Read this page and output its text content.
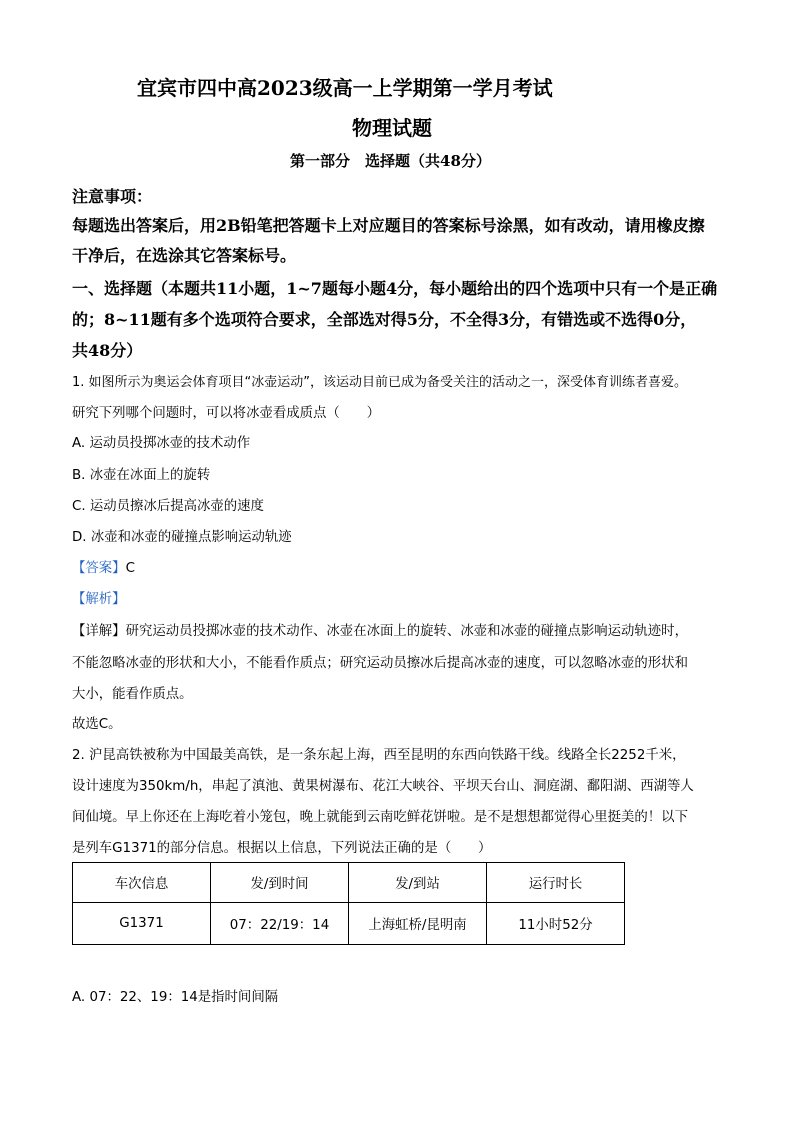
宜宾市四中高2023级高一上学期第一学月考试
物理试题
第一部分　选择题（共48分）
注意事项：
每题选出答案后，用2B铅笔把答题卡上对应题目的答案标号涂黑，如有改动，请用橡皮擦
干净后，在选涂其它答案标号。
一、选择题（本题共11小题，1~7题每小题4分，每小题给出的四个选项中只有一个是正确
的；8~11题有多个选项符合要求，全部选对得5分，不全得3分，有错选或不选得0分，
共48分）
1. 如图所示为奥运会体育项目“冰壶运动”，该运动目前已成为备受关注的活动之一，深受体育训练者喜爱。
研究下列哪个问题时，可以将冰壶看成质点（　　）
A. 运动员投掷冰壶的技术动作
B. 冰壶在冰面上的旋转
C. 运动员擦冰后提高冰壶的速度
D. 冰壶和冰壶的碰撞点影响运动轨迹
【答案】C
【解析】
【详解】研究运动员投掷冰壶的技术动作、冰壶在冰面上的旋转、冰壶和冰壶的碰撞点影响运动轨迹时，
不能忽略冰壶的形状和大小，不能看作质点；研究运动员擦冰后提高冰壶的速度，可以忽略冰壶的形状和
大小，能看作质点。
故选C。
2. 沪昆高铁被称为中国最美高铁，是一条东起上海，西至昆明的东西向铁路干线。线路全长2252千米，
设计速度为350km/h，串起了滇池、黄果树瀑布、花江大峡谷、平坝天台山、洞庭湖、鄱阳湖、西湖等人
间仙境。早上你还在上海吃着小笼包，晚上就能到云南吃鲜花饼啦。是不是想想都觉得心里挺美的！以下
是列车G1371的部分信息。根据以上信息，下列说法正确的是（　　）
车次信息	发/到时间	发/到站	运行时长
G1371	07：22/19：14	上海虹桥/昆明南	11小时52分
A. 07：22、19：14是指时间间隔
